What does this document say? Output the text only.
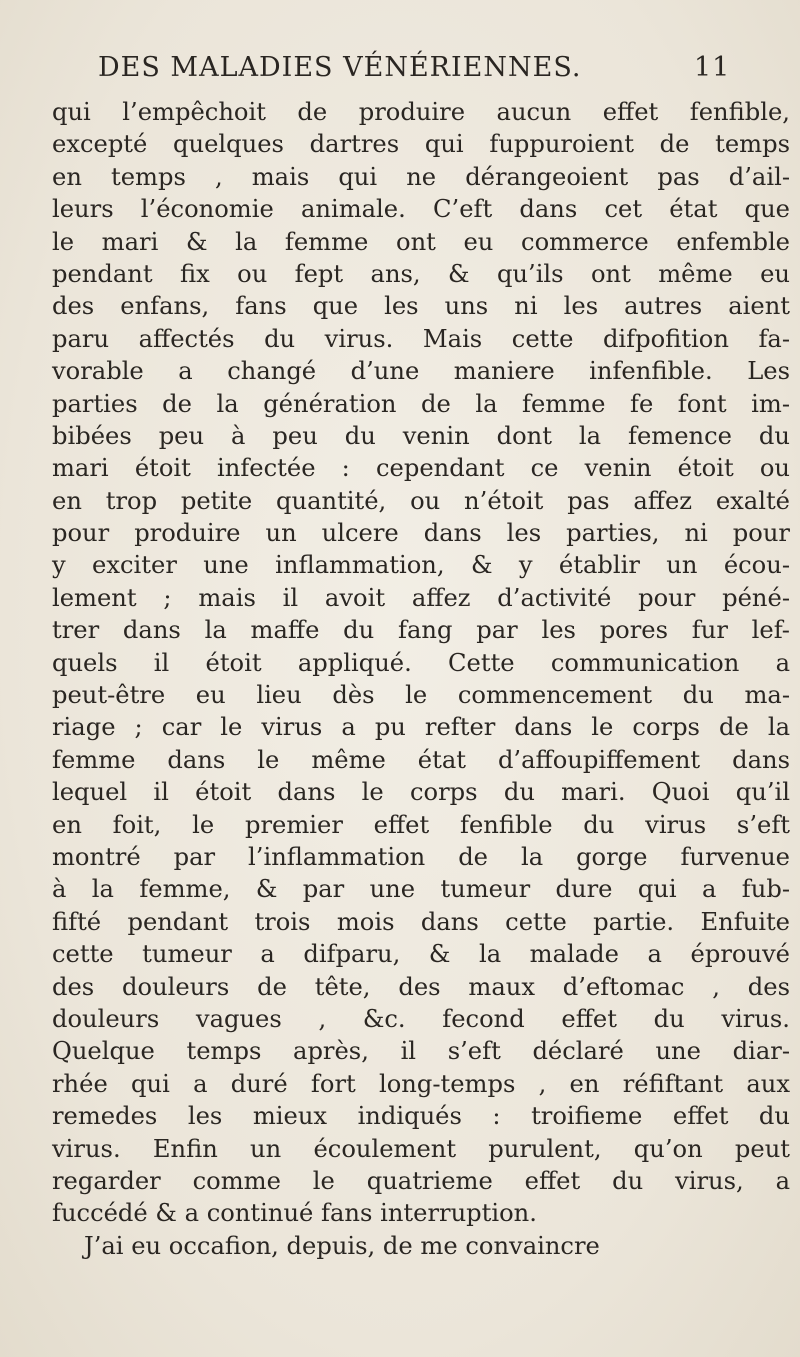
DES MALADIES VÉNÉRIENNES.	11
qui l’empêchoit de produire aucun effet fenfible,
excepté quelques dartres qui fuppuroient de temps
en temps , mais qui ne dérangeoient pas d’ail-
leurs l’économie animale. C’eft dans cet état que
le mari & la femme ont eu commerce enfemble
pendant fix ou fept ans, & qu’ils ont même eu
des enfans, fans que les uns ni les autres aient
paru affectés du virus. Mais cette difpofition fa-
vorable a changé d’une maniere infenfible. Les
parties de la génération de la femme fe font im-
bibées peu à peu du venin dont la femence du
mari étoit infectée : cependant ce venin étoit ou
en trop petite quantité, ou n’étoit pas affez exalté
pour produire un ulcere dans les parties, ni pour
y exciter une inflammation, & y établir un écou-
lement ; mais il avoit affez d’activité pour péné-
trer dans la maffe du fang par les pores fur lef-
quels il étoit appliqué. Cette communication a
peut-être eu lieu dès le commencement du ma-
riage ; car le virus a pu refter dans le corps de la
femme dans le même état d’affoupiffement dans
lequel il étoit dans le corps du mari. Quoi qu’il
en foit, le premier effet fenfible du virus s’eft
montré par l’inflammation de la gorge furvenue
à la femme, & par une tumeur dure qui a fub-
fifté pendant trois mois dans cette partie. Enfuite
cette tumeur a difparu, & la malade a éprouvé
des douleurs de tête, des maux d’eftomac , des
douleurs vagues , &c. fecond effet du virus.
Quelque temps après, il s’eft déclaré une diar-
rhée qui a duré fort long-temps , en réfiftant aux
remedes les mieux indiqués : troifieme effet du
virus. Enfin un écoulement purulent, qu’on peut
regarder comme le quatrieme effet du virus, a
fuccédé & a continué fans interruption.
J’ai eu occafion, depuis, de me convaincre
